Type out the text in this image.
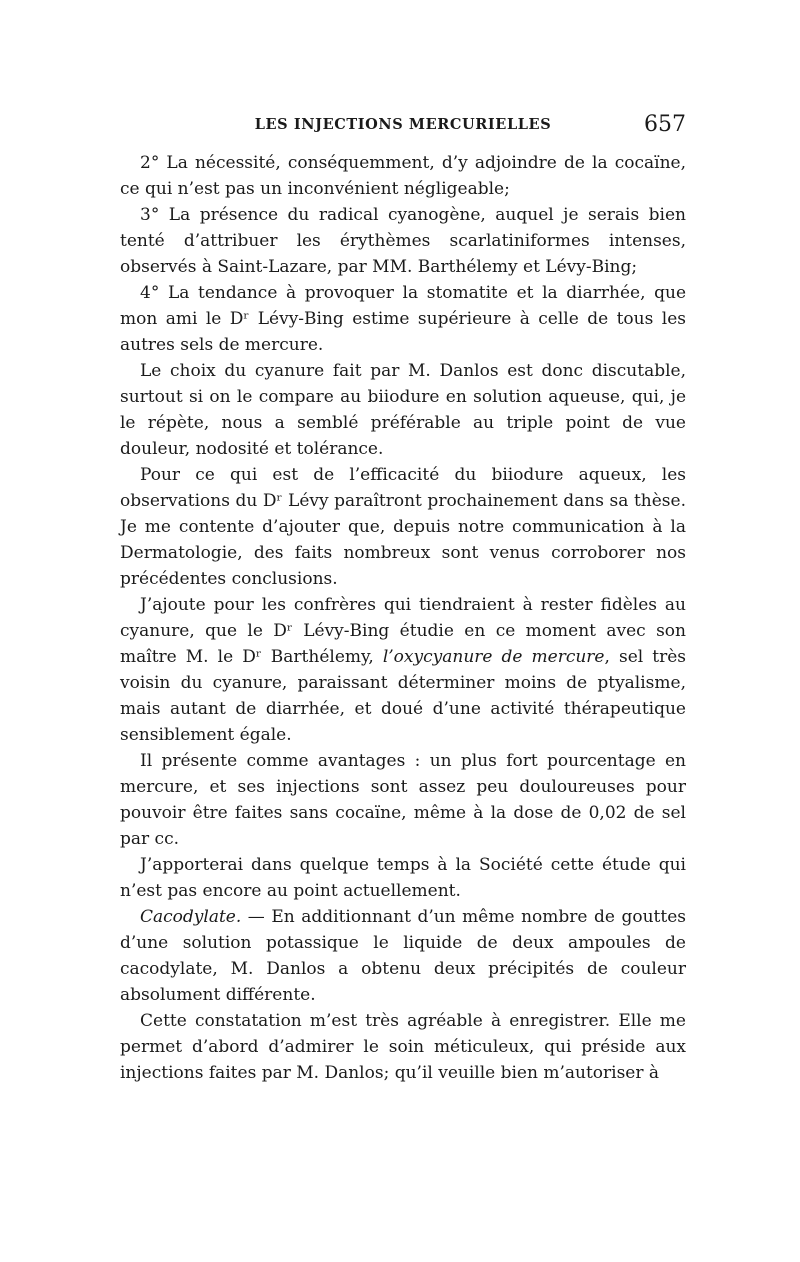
LES INJECTIONS MERCURIELLES	657

2° La nécessité, conséquemment, d’y adjoindre de la cocaïne, ce qui n’est pas un inconvénient négligeable;

3° La présence du radical cyanogène, auquel je serais bien tenté d’attribuer les érythèmes scarlatiniformes intenses, observés à Saint-Lazare, par MM. Barthélemy et Lévy-Bing;

4° La tendance à provoquer la stomatite et la diarrhée, que mon ami le Dʳ Lévy-Bing estime supérieure à celle de tous les autres sels de mercure.

Le choix du cyanure fait par M. Danlos est donc discutable, surtout si on le compare au biiodure en solution aqueuse, qui, je le répète, nous a semblé préférable au triple point de vue douleur, nodosité et tolérance.

Pour ce qui est de l’efficacité du biiodure aqueux, les observations du Dʳ Lévy paraîtront prochainement dans sa thèse. Je me contente d’ajouter que, depuis notre communication à la Dermatologie, des faits nombreux sont venus corroborer nos précédentes conclusions.

J’ajoute pour les confrères qui tiendraient à rester fidèles au cyanure, que le Dʳ Lévy-Bing étudie en ce moment avec son maître M. le Dʳ Barthélemy, l’oxycyanure de mercure, sel très voisin du cyanure, paraissant déterminer moins de ptyalisme, mais autant de diarrhée, et doué d’une activité thérapeutique sensiblement égale.

Il présente comme avantages : un plus fort pourcentage en mercure, et ses injections sont assez peu douloureuses pour pouvoir être faites sans cocaïne, même à la dose de 0,02 de sel par cc.

J’apporterai dans quelque temps à la Société cette étude qui n’est pas encore au point actuellement.

Cacodylate. — En additionnant d’un même nombre de gouttes d’une solution potassique le liquide de deux ampoules de cacodylate, M. Danlos a obtenu deux précipités de couleur absolument différente.

Cette constatation m’est très agréable à enregistrer. Elle me permet d’abord d’admirer le soin méticuleux, qui préside aux injections faites par M. Danlos; qu’il veuille bien m’autoriser à
